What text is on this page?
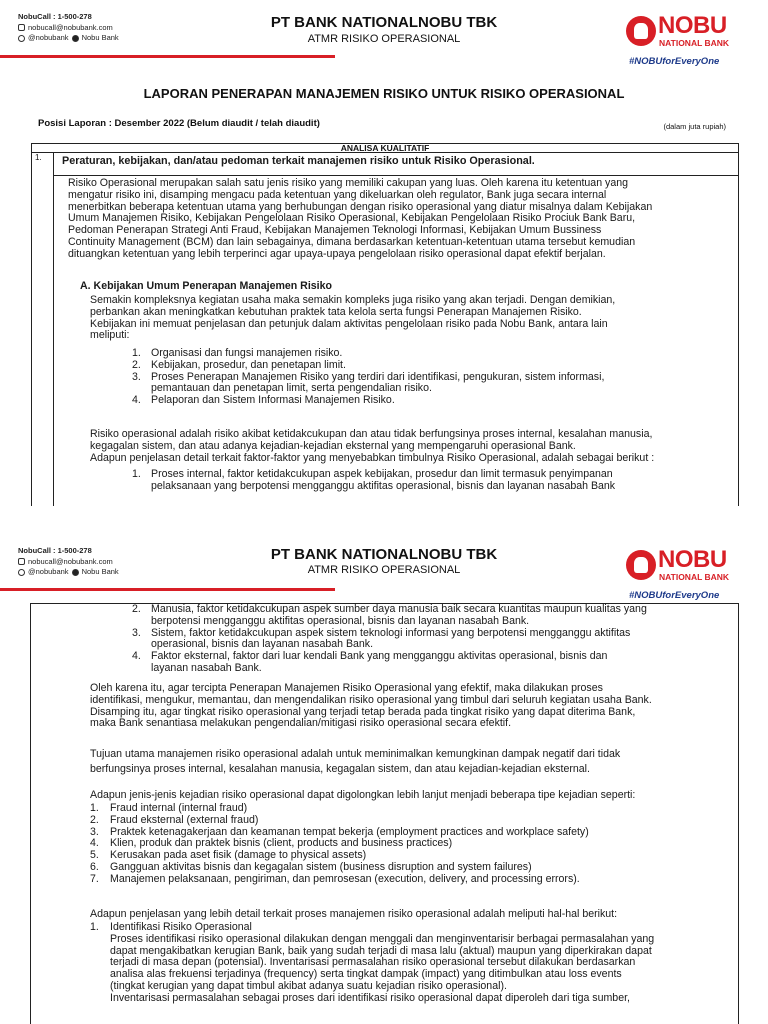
NobuCall : 1-500-278
nobucall@nobubank.com
@nobubank Nobu Bank
PT BANK NATIONALNOBU TBK
ATMR RISIKO OPERASIONAL	NOBU
NATIONAL BANK
#NOBUforEveryOne
LAPORAN PENERAPAN MANAJEMEN RISIKO UNTUK RISIKO OPERASIONAL
Posisi Laporan : Desember 2022 (Belum diaudit / telah diaudit)	(dalam juta rupiah)
ANALISA KUALITATIF
1.	Peraturan, kebijakan, dan/atau pedoman terkait manajemen risiko untuk Risiko Operasional.

Risiko Operasional merupakan salah satu jenis risiko yang memiliki cakupan yang luas. Oleh karena itu ketentuan yang
mengatur risiko ini, disamping mengacu pada ketentuan yang dikeluarkan oleh regulator, Bank juga secara internal
menerbitkan beberapa ketentuan utama yang berhubungan dengan risiko operasional yang diatur misalnya dalam Kebijakan
Umum Manajemen Risiko, Kebijakan Pengelolaan Risiko Operasional, Kebijakan Pengelolaan Risiko Prociuk Bank Baru,
Pedoman Penerapan Strategi Anti Fraud, Kebijakan Manajemen Teknologi Informasi, Kebijakan Umum Bussiness
Continuity Management (BCM) dan lain sebagainya, dimana berdasarkan ketentuan-ketentuan utama tersebut kemudian
dituangkan ketentuan yang lebih terperinci agar upaya-upaya pengelolaan risiko operasional dapat efektif berjalan.
A. Kebijakan Umum Penerapan Manajemen Risiko
Semakin kompleksnya kegiatan usaha maka semakin kompleks juga risiko yang akan terjadi. Dengan demikian,
perbankan akan meningkatkan kebutuhan praktek tata kelola serta fungsi Penerapan Manajemen Risiko.
Kebijakan ini memuat penjelasan dan petunjuk dalam aktivitas pengelolaan risiko pada Nobu Bank, antara lain
meliputi:
1. Organisasi dan fungsi manajemen risiko.
2. Kebijakan, prosedur, dan penetapan limit.
3. Proses Penerapan Manajemen Risiko yang terdiri dari identifikasi, pengukuran, sistem informasi,
pemantauan dan penetapan limit, serta pengendalian risiko.
4. Pelaporan dan Sistem Informasi Manajemen Risiko.
Risiko operasional adalah risiko akibat ketidakcukupan dan atau tidak berfungsinya proses internal, kesalahan manusia,
kegagalan sistem, dan atau adanya kejadian-kejadian eksternal yang mempengaruhi operasional Bank.
Adapun penjelasan detail terkait faktor-faktor yang menyebabkan timbulnya Risiko Operasional, adalah sebagai berikut :
1. Proses internal, faktor ketidakcukupan aspek kebijakan, prosedur dan limit termasuk penyimpanan
pelaksanaan yang berpotensi mengganggu aktifitas operasional, bisnis dan layanan nasabah Bank
NobuCall : 1-500-278
nobucall@nobubank.com
@nobubank Nobu Bank
PT BANK NATIONALNOBU TBK
ATMR RISIKO OPERASIONAL	NOBU
NATIONAL BANK
#NOBUforEveryOne
2. Manusia, faktor ketidakcukupan aspek sumber daya manusia baik secara kuantitas maupun kualitas yang
berpotensi mengganggu aktifitas operasional, bisnis dan layanan nasabah Bank.
3. Sistem, faktor ketidakcukupan aspek sistem teknologi informasi yang berpotensi mengganggu aktifitas
operasional, bisnis dan layanan nasabah Bank.
4. Faktor eksternal, faktor dari luar kendali Bank yang mengganggu aktivitas operasional, bisnis dan
layanan nasabah Bank.
Oleh karena itu, agar tercipta Penerapan Manajemen Risiko Operasional yang efektif, maka dilakukan proses
identifikasi, mengukur, memantau, dan mengendalikan risiko operasional yang timbul dari seluruh kegiatan usaha Bank.
Disamping itu, agar tingkat risiko operasional yang terjadi tetap berada pada tingkat risiko yang dapat diterima Bank,
maka Bank senantiasa melakukan pengendalian/mitigasi risiko operasional secara efektif.
Tujuan utama manajemen risiko operasional adalah untuk meminimalkan kemungkinan dampak negatif dari tidak
berfungsinya proses internal, kesalahan manusia, kegagalan sistem, dan atau kejadian-kejadian eksternal.
Adapun jenis-jenis kejadian risiko operasional dapat digolongkan lebih lanjut menjadi beberapa tipe kejadian seperti:
1.	Fraud internal (internal fraud)
2.	Fraud eksternal (external fraud)
3.	Praktek ketenagakerjaan dan keamanan tempat bekerja (employment practices and workplace safety)
4.	Klien, produk dan praktek bisnis (client, products and business practices)
5.	Kerusakan pada aset fisik (damage to physical assets)
6.	Gangguan aktivitas bisnis dan kegagalan sistem (business disruption and system failures)
7.	Manajemen pelaksanaan, pengiriman, dan pemrosesan (execution, delivery, and processing errors).
Adapun penjelasan yang lebih detail terkait proses manajemen risiko operasional adalah meliputi hal-hal berikut:
1.	Identifikasi Risiko Operasional
Proses identifikasi risiko operasional dilakukan dengan menggali dan menginventarisir berbagai permasalahan yang
dapat mengakibatkan kerugian Bank, baik yang sudah terjadi di masa lalu (aktual) maupun yang diperkirakan dapat
terjadi di masa depan (potensial). Inventarisasi permasalahan risiko operasional tersebut dilakukan berdasarkan
analisa alas frekuensi terjadinya (frequency) serta tingkat dampak (impact) yang ditimbulkan atau loss events
(tingkat kerugian yang dapat timbul akibat adanya suatu kejadian risiko operasional).
Inventarisasi permasalahan sebagai proses dari identifikasi risiko operasional dapat diperoleh dari tiga sumber,
